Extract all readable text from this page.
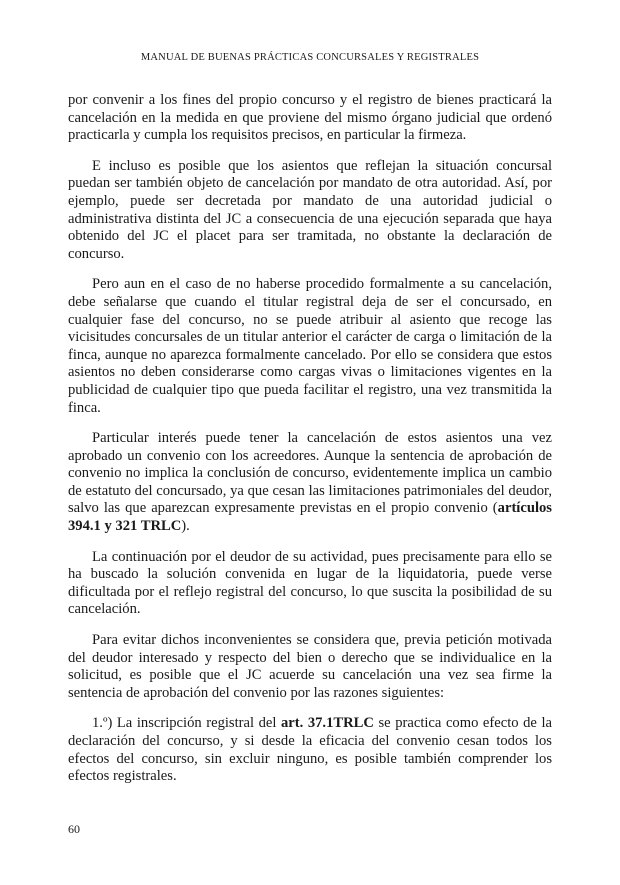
MANUAL DE BUENAS PRÁCTICAS CONCURSALES Y REGISTRALES

por convenir a los fines del propio concurso y el registro de bienes practicará la cancelación en la medida en que proviene del mismo órgano judicial que ordenó practicarla y cumpla los requisitos precisos, en particular la firmeza.

E incluso es posible que los asientos que reflejan la situación concursal puedan ser también objeto de cancelación por mandato de otra autoridad. Así, por ejemplo, puede ser decretada por mandato de una autoridad judicial o administrativa distinta del JC a consecuencia de una ejecución separada que haya obtenido del JC el placet para ser tramitada, no obstante la declaración de concurso.

Pero aun en el caso de no haberse procedido formalmente a su cancelación, debe señalarse que cuando el titular registral deja de ser el concursado, en cualquier fase del concurso, no se puede atribuir al asiento que recoge las vicisitudes concursales de un titular anterior el carácter de carga o limitación de la finca, aunque no aparezca formalmente cancelado. Por ello se considera que estos asientos no deben considerarse como cargas vivas o limitaciones vigentes en la publicidad de cualquier tipo que pueda facilitar el registro, una vez transmitida la finca.

Particular interés puede tener la cancelación de estos asientos una vez aprobado un convenio con los acreedores. Aunque la sentencia de aprobación de convenio no implica la conclusión de concurso, evidentemente implica un cambio de estatuto del concursado, ya que cesan las limitaciones patrimoniales del deudor, salvo las que aparezcan expresamente previstas en el propio convenio (artículos 394.1 y 321 TRLC).

La continuación por el deudor de su actividad, pues precisamente para ello se ha buscado la solución convenida en lugar de la liquidatoria, puede verse dificultada por el reflejo registral del concurso, lo que suscita la posibilidad de su cancelación.

Para evitar dichos inconvenientes se considera que, previa petición motivada del deudor interesado y respecto del bien o derecho que se individualice en la solicitud, es posible que el JC acuerde su cancelación una vez sea firme la sentencia de aprobación del convenio por las razones siguientes:

1.º) La inscripción registral del art. 37.1TRLC se practica como efecto de la declaración del concurso, y si desde la eficacia del convenio cesan todos los efectos del concurso, sin excluir ninguno, es posible también comprender los efectos registrales.

60
